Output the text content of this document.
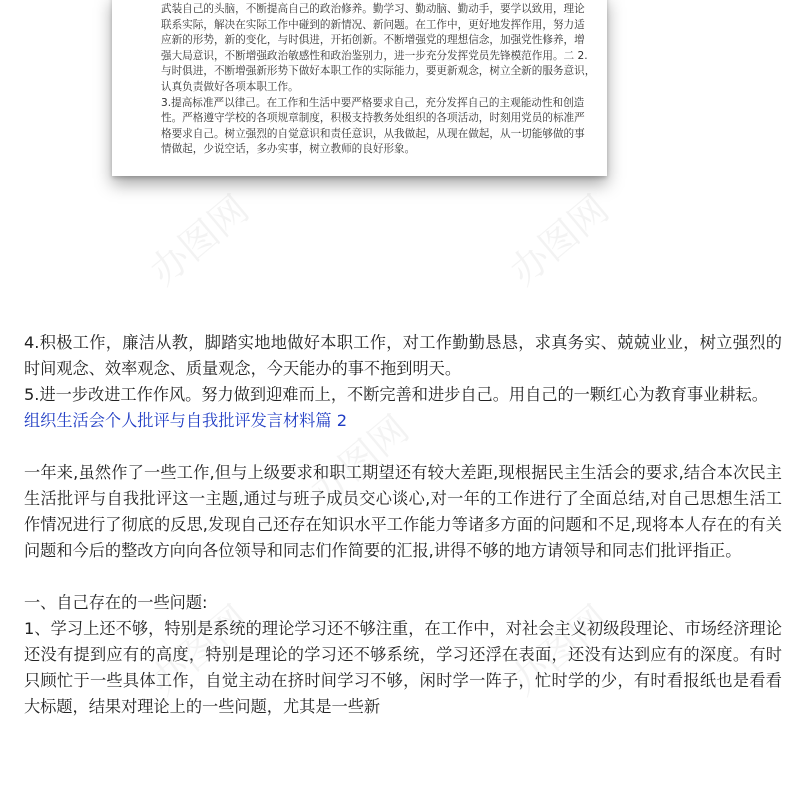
武装自己的头脑，不断提高自己的政治修养。勤学习、勤动脑、勤动手，要学以致用，理论

联系实际，解决在实际工作中碰到的新情况、新问题。在工作中，更好地发挥作用，努力适

应新的形势，新的变化，与时俱进，开拓创新。不断增强党的理想信念，加强党性修养，增

强大局意识，不断增强政治敏感性和政治鉴别力，进一步充分发挥党员先锋模范作用。二 2.

与时俱进，不断增强新形势下做好本职工作的实际能力，要更新观念，树立全新的服务意识，

认真负责做好各项本职工作。

3.提高标准严以律己。在工作和生活中要严格要求自己，充分发挥自己的主观能动性和创造

性。严格遵守学校的各项规章制度，积极支持教务处组织的各项活动，时刻用党员的标准严

格要求自己。树立强烈的自觉意识和责任意识，从我做起，从现在做起，从一切能够做的事

情做起，少说空话，多办实事，树立教师的良好形象。

办图网	办图网
办图网
办图网	办图网

4.积极工作，廉洁从教，脚踏实地地做好本职工作，对工作勤勤恳恳，求真务实、兢兢业业，树立强烈的时间观念、效率观念、质量观念，今天能办的事不拖到明天。

5.进一步改进工作作风。努力做到迎难而上，不断完善和进步自己。用自己的一颗红心为教育事业耕耘。

组织生活会个人批评与自我批评发言材料篇 2

一年来,虽然作了一些工作,但与上级要求和职工期望还有较大差距,现根据民主生活会的要求,结合本次民主生活批评与自我批评这一主题,通过与班子成员交心谈心,对一年的工作进行了全面总结,对自己思想生活工作情况进行了彻底的反思,发现自己还存在知识水平工作能力等诸多方面的问题和不足,现将本人存在的有关问题和今后的整改方向向各位领导和同志们作简要的汇报,讲得不够的地方请领导和同志们批评指正。

一、自己存在的一些问题:

1、学习上还不够，特别是系统的理论学习还不够注重，在工作中，对社会主义初级段理论、市场经济理论还没有提到应有的高度，特别是理论的学习还不够系统，学习还浮在表面，还没有达到应有的深度。有时只顾忙于一些具体工作，自觉主动在挤时间学习不够，闲时学一阵子，忙时学的少，有时看报纸也是看看大标题，结果对理论上的一些问题，尤其是一些新
